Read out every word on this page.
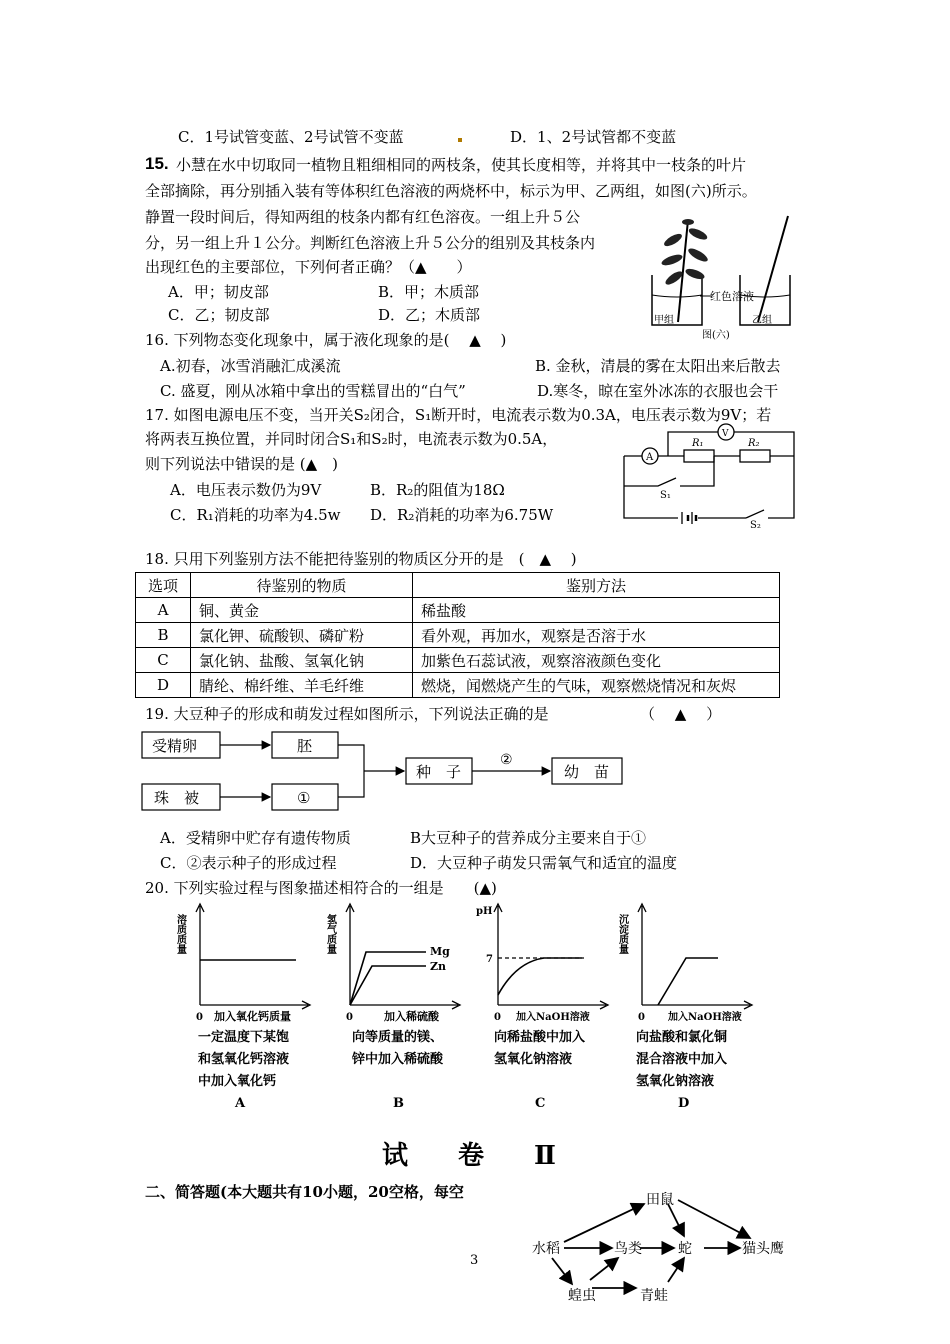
C．1号试管变蓝、2号试管不变蓝	D．1、2号试管都不变蓝
15. 小慧在水中切取同一植物且粗细相同的两枝条，使其长度相等，并将其中一枝条的叶片
全部摘除，再分别插入装有等体积红色溶液的两烧杯中，标示为甲、乙两组，如图(六)所示。
静置一段时间后，得知两组的枝条内都有红色溶夜。一组上升５公
分，另一组上升１公分。判断红色溶液上升５公分的组别及其枝条内
出现红色的主要部位，下列何者正确？（▲　　）
A．甲；韧皮部	B．甲；木质部
C．乙；韧皮部	D．乙；木质部
红色溶液
甲组	乙组
图(六)
16. 下列物态变化现象中，属于液化现象的是(　 ▲　 )
A.初春，冰雪消融汇成溪流	B. 金秋，清晨的雾在太阳出来后散去
C. 盛夏，刚从冰箱中拿出的雪糕冒出的“白气”	D.寒冬，晾在室外冰冻的衣服也会干
17. 如图电源电压不变，当开关S₂闭合，S₁断开时，电流表示数为0.3A，电压表示数为9V；若
将两表互换位置，并同时闭合S₁和S₂时，电流表示数为0.5A，
则下列说法中错误的是 (▲　)
A．电压表示数仍为9V	B．R₂的阻值为18Ω
C．R₁消耗的功率为4.5w D．R₂消耗的功率为6.75W
A
V
R₁	R₂
S₁
S₂
18. 只用下列鉴别方法不能把待鉴别的物质区分开的是　(　▲　 )
选项	待鉴别的物质	鉴别方法
A	铜、黄金	稀盐酸
B	氯化钾、硫酸钡、磷矿粉	看外观，再加水，观察是否溶于水
C	氯化钠、盐酸、氢氧化钠	加紫色石蕊试液，观察溶液颜色变化
D	腈纶、棉纤维、羊毛纤维	燃烧，闻燃烧产生的气味，观察燃烧情况和灰烬
19. 大豆种子的形成和萌发过程如图所示，下列说法正确的是	（　 ▲　 ）
受精卵	胚
珠　被	①
种　子	幼　苗
②
A．受精卵中贮存有遗传物质	B大豆种子的营养成分主要来自于①
C．②表示种子的形成过程	D．大豆种子萌发只需氧气和适宜的温度
20. 下列实验过程与图象描述相符合的一组是　　(▲)
溶质质量
0 加入氧化钙质量
一定温度下某饱
和氢氧化钙溶液
中加入氧化钙
A
氢气质量	Mg
Zn
0	加入稀硫酸
向等质量的镁、
锌中加入稀硫酸
B
pH
7
0 加入NaOH溶液
向稀盐酸中加入
氢氧化钠溶液
C
沉淀质量
0 加入NaOH溶液
向盐酸和氯化铜
混合溶液中加入
氢氧化钠溶液
D
试　卷　Ⅱ
二、简答题(本大题共有10小题，20空格，每空
3
田鼠
水稻	鸟类	蛇	猫头鹰
蝗虫	青蛙
